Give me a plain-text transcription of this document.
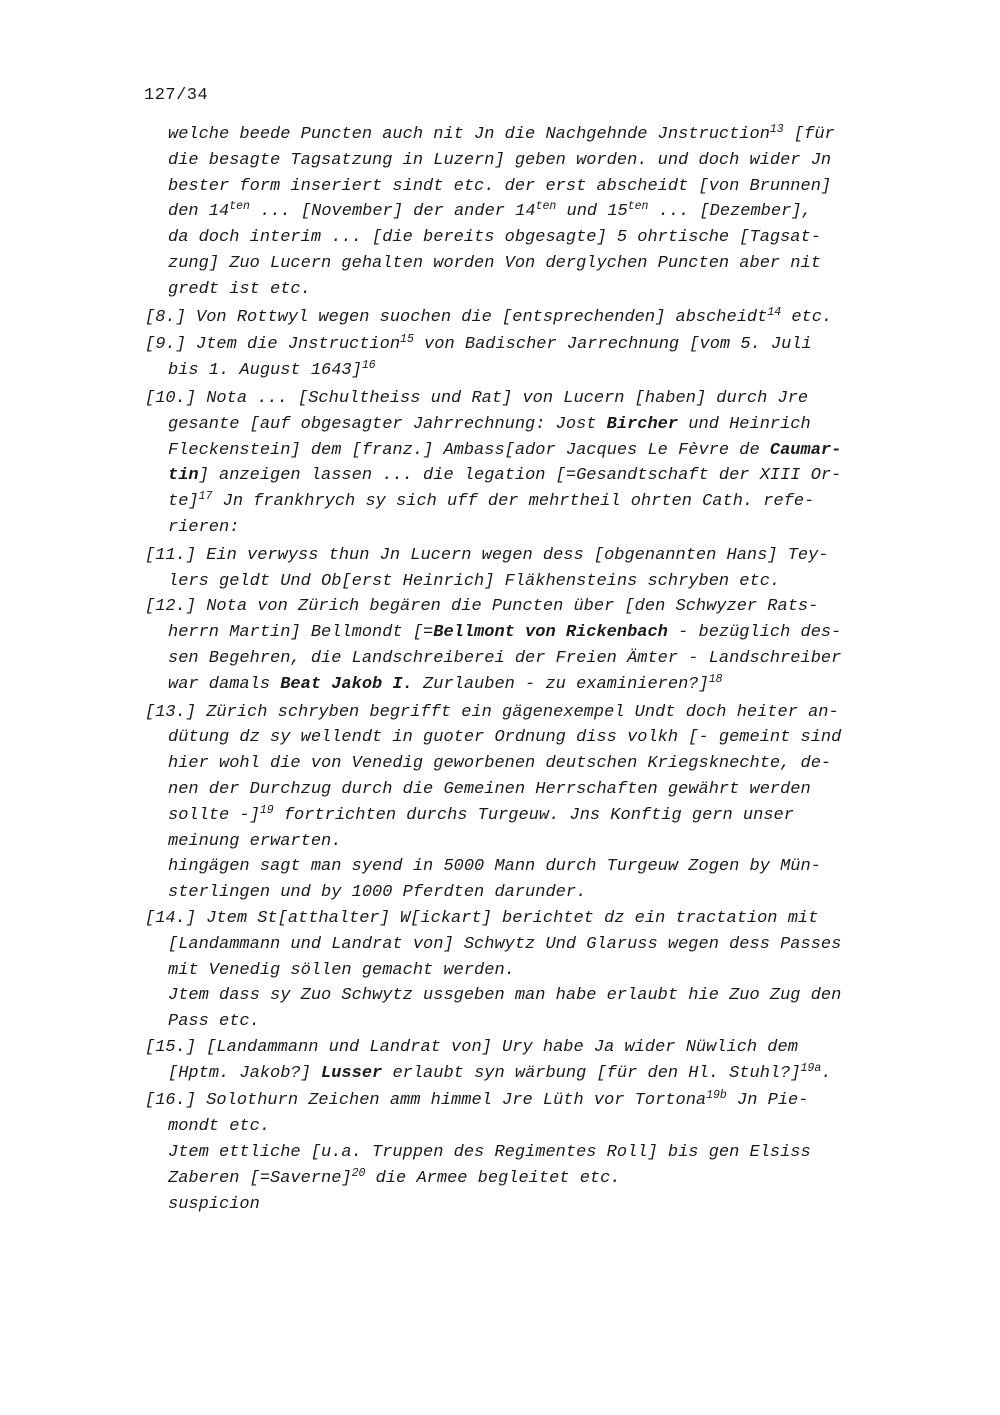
127/34
welche beede Puncten auch nit Jn die Nachgehnde Jnstruction$^{13}$ [für
die besagte Tagsatzung in Luzern] geben worden. und doch wider Jn
bester form inseriert sindt etc. der erst abscheidt [von Brunnen]
den $14^{ten}$ ... [November] der ander $14^{ten}$ und $15^{ten}$ ... [Dezember],
da doch interim ... [die bereits obgesagte] 5 ohrtische [Tagsat-
zung] Zuo Lucern gehalten worden Von derglychen Puncten aber nit
gredt ist etc.
[8.] Von Rottwyl wegen suochen die [entsprechenden] abscheidt$^{14}$ etc.
[9.] Jtem die Jnstruction$^{15}$ von Badischer Jarrechnung [vom 5. Juli
bis 1. August 1643]$^{16}$
[10.] Nota ... [Schultheiss und Rat] von Lucern [haben] durch Jre
gesante [auf obgesagter Jahrrechnung: Jost Bircher und Heinrich
Fleckenstein] dem [franz.] Ambass[ador Jacques Le Fèvre de Caumar-
tin] anzeigen lassen ... die legation [=Gesandtschaft der XIII Or-
te]$^{17}$ Jn frankhrych sy sich uff der mehrtheil ohrten Cath. refe-
rieren:
[11.] Ein verwyss thun Jn Lucern wegen dess [obgenannten Hans] Tey-
lers geldt Und Ob[erst Heinrich] Fläkhensteins schryben etc.
[12.] Nota von Zürich begären die Puncten über [den Schwyzer Rats-
herrn Martin] Bellmondt [=Bellmont von Rickenbach - bezüglich des-
sen Begehren, die Landschreiberei der Freien Ämter - Landschreiber
war damals Beat Jakob I. Zurlauben - zu examinieren?]$^{18}$
[13.] Zürich schryben begrifft ein gägenexempel Undt doch heiter an-
dütung dz sy wellendt in guoter Ordnung diss volkh [- gemeint sind
hier wohl die von Venedig geworbenen deutschen Kriegsknechte, de-
nen der Durchzug durch die Gemeinen Herrschaften gewährt werden
sollte -]$^{19}$ fortrichten durchs Turgeuw. Jns Konftig gern unser
meinung erwarten.
hingägen sagt man syend in 5000 Mann durch Turgeuw Zogen by Mün-
sterlingen und by 1000 Pferdten darunder.
[14.] Jtem St[atthalter] W[ickart] berichtet dz ein tractation mit
[Landammann und Landrat von] Schwytz Und Glaruss wegen dess Passes
mit Venedig söllen gemacht werden.
Jtem dass sy Zuo Schwytz ussgeben man habe erlaubt hie Zuo Zug den
Pass etc.
[15.] [Landammann und Landrat von] Ury habe Ja wider Nüwlich dem
[Hptm. Jakob?] Lusser erlaubt syn wärbung [für den Hl. Stuhl?]$^{19a}$.
[16.] Solothurn Zeichen amm himmel Jre Lüth vor Tortona$^{19b}$ Jn Pie-
mondt etc.
Jtem ettliche [u.a. Truppen des Regimentes Roll] bis gen Elsiss
Zaberen [=Saverne]$^{20}$ die Armee begleitet etc.
suspicion
